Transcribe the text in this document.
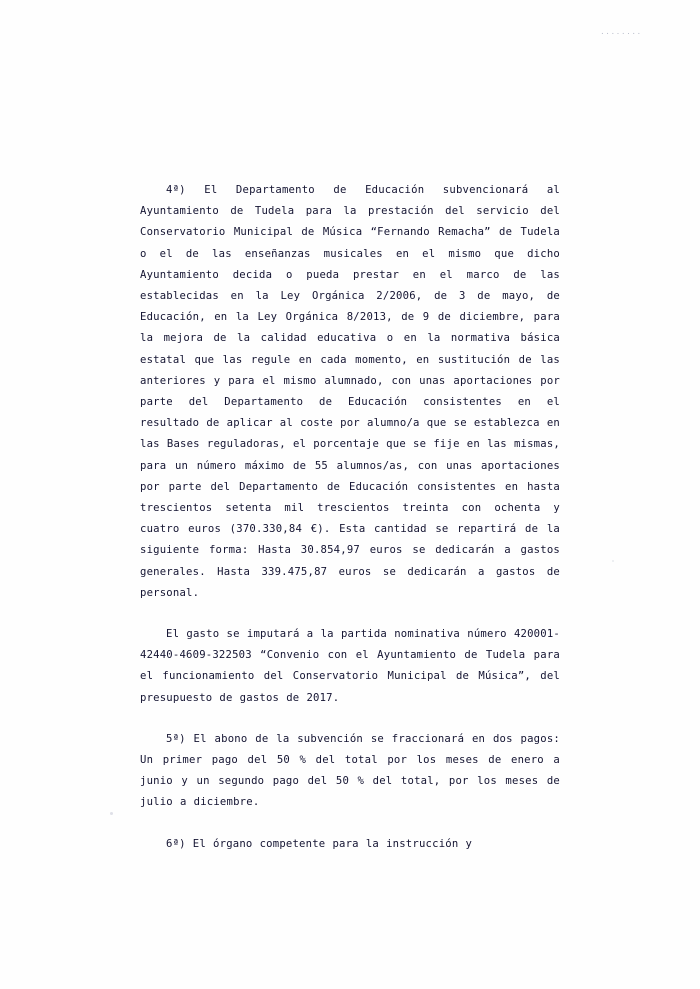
........

4ª) El Departamento de Educación subvencionará al Ayuntamiento de Tudela para la prestación del servicio del Conservatorio Municipal de Música “Fernando Remacha” de Tudela o el de las enseñanzas musicales en el mismo que dicho Ayuntamiento decida o pueda prestar en el marco de las establecidas en la Ley Orgánica 2/2006, de 3 de mayo, de Educación, en la Ley Orgánica 8/2013, de 9 de diciembre, para la mejora de la calidad educativa o en la normativa básica estatal que las regule en cada momento, en sustitución de las anteriores y para el mismo alumnado, con unas aportaciones por parte del Departamento de Educación consistentes en el resultado de aplicar al coste por alumno/a que se establezca en las Bases reguladoras, el porcentaje que se fije en las mismas, para un número máximo de 55 alumnos/as, con unas aportaciones por parte del Departamento de Educación consistentes en hasta trescientos setenta mil trescientos treinta con ochenta y cuatro euros (370.330,84 €). Esta cantidad se repartirá de la siguiente forma: Hasta 30.854,97 euros se dedicarán a gastos generales. Hasta 339.475,87 euros se dedicarán a gastos de personal.

El gasto se imputará a la partida nominativa número 420001-42440-4609-322503 “Convenio con el Ayuntamiento de Tudela para el funcionamiento del Conservatorio Municipal de Música”, del presupuesto de gastos de 2017.

5ª) El abono de la subvención se fraccionará en dos pagos: Un primer pago del 50 % del total por los meses de enero a junio y un segundo pago del 50 % del total, por los meses de julio a diciembre.

6ª) El órgano competente para la instrucción y
